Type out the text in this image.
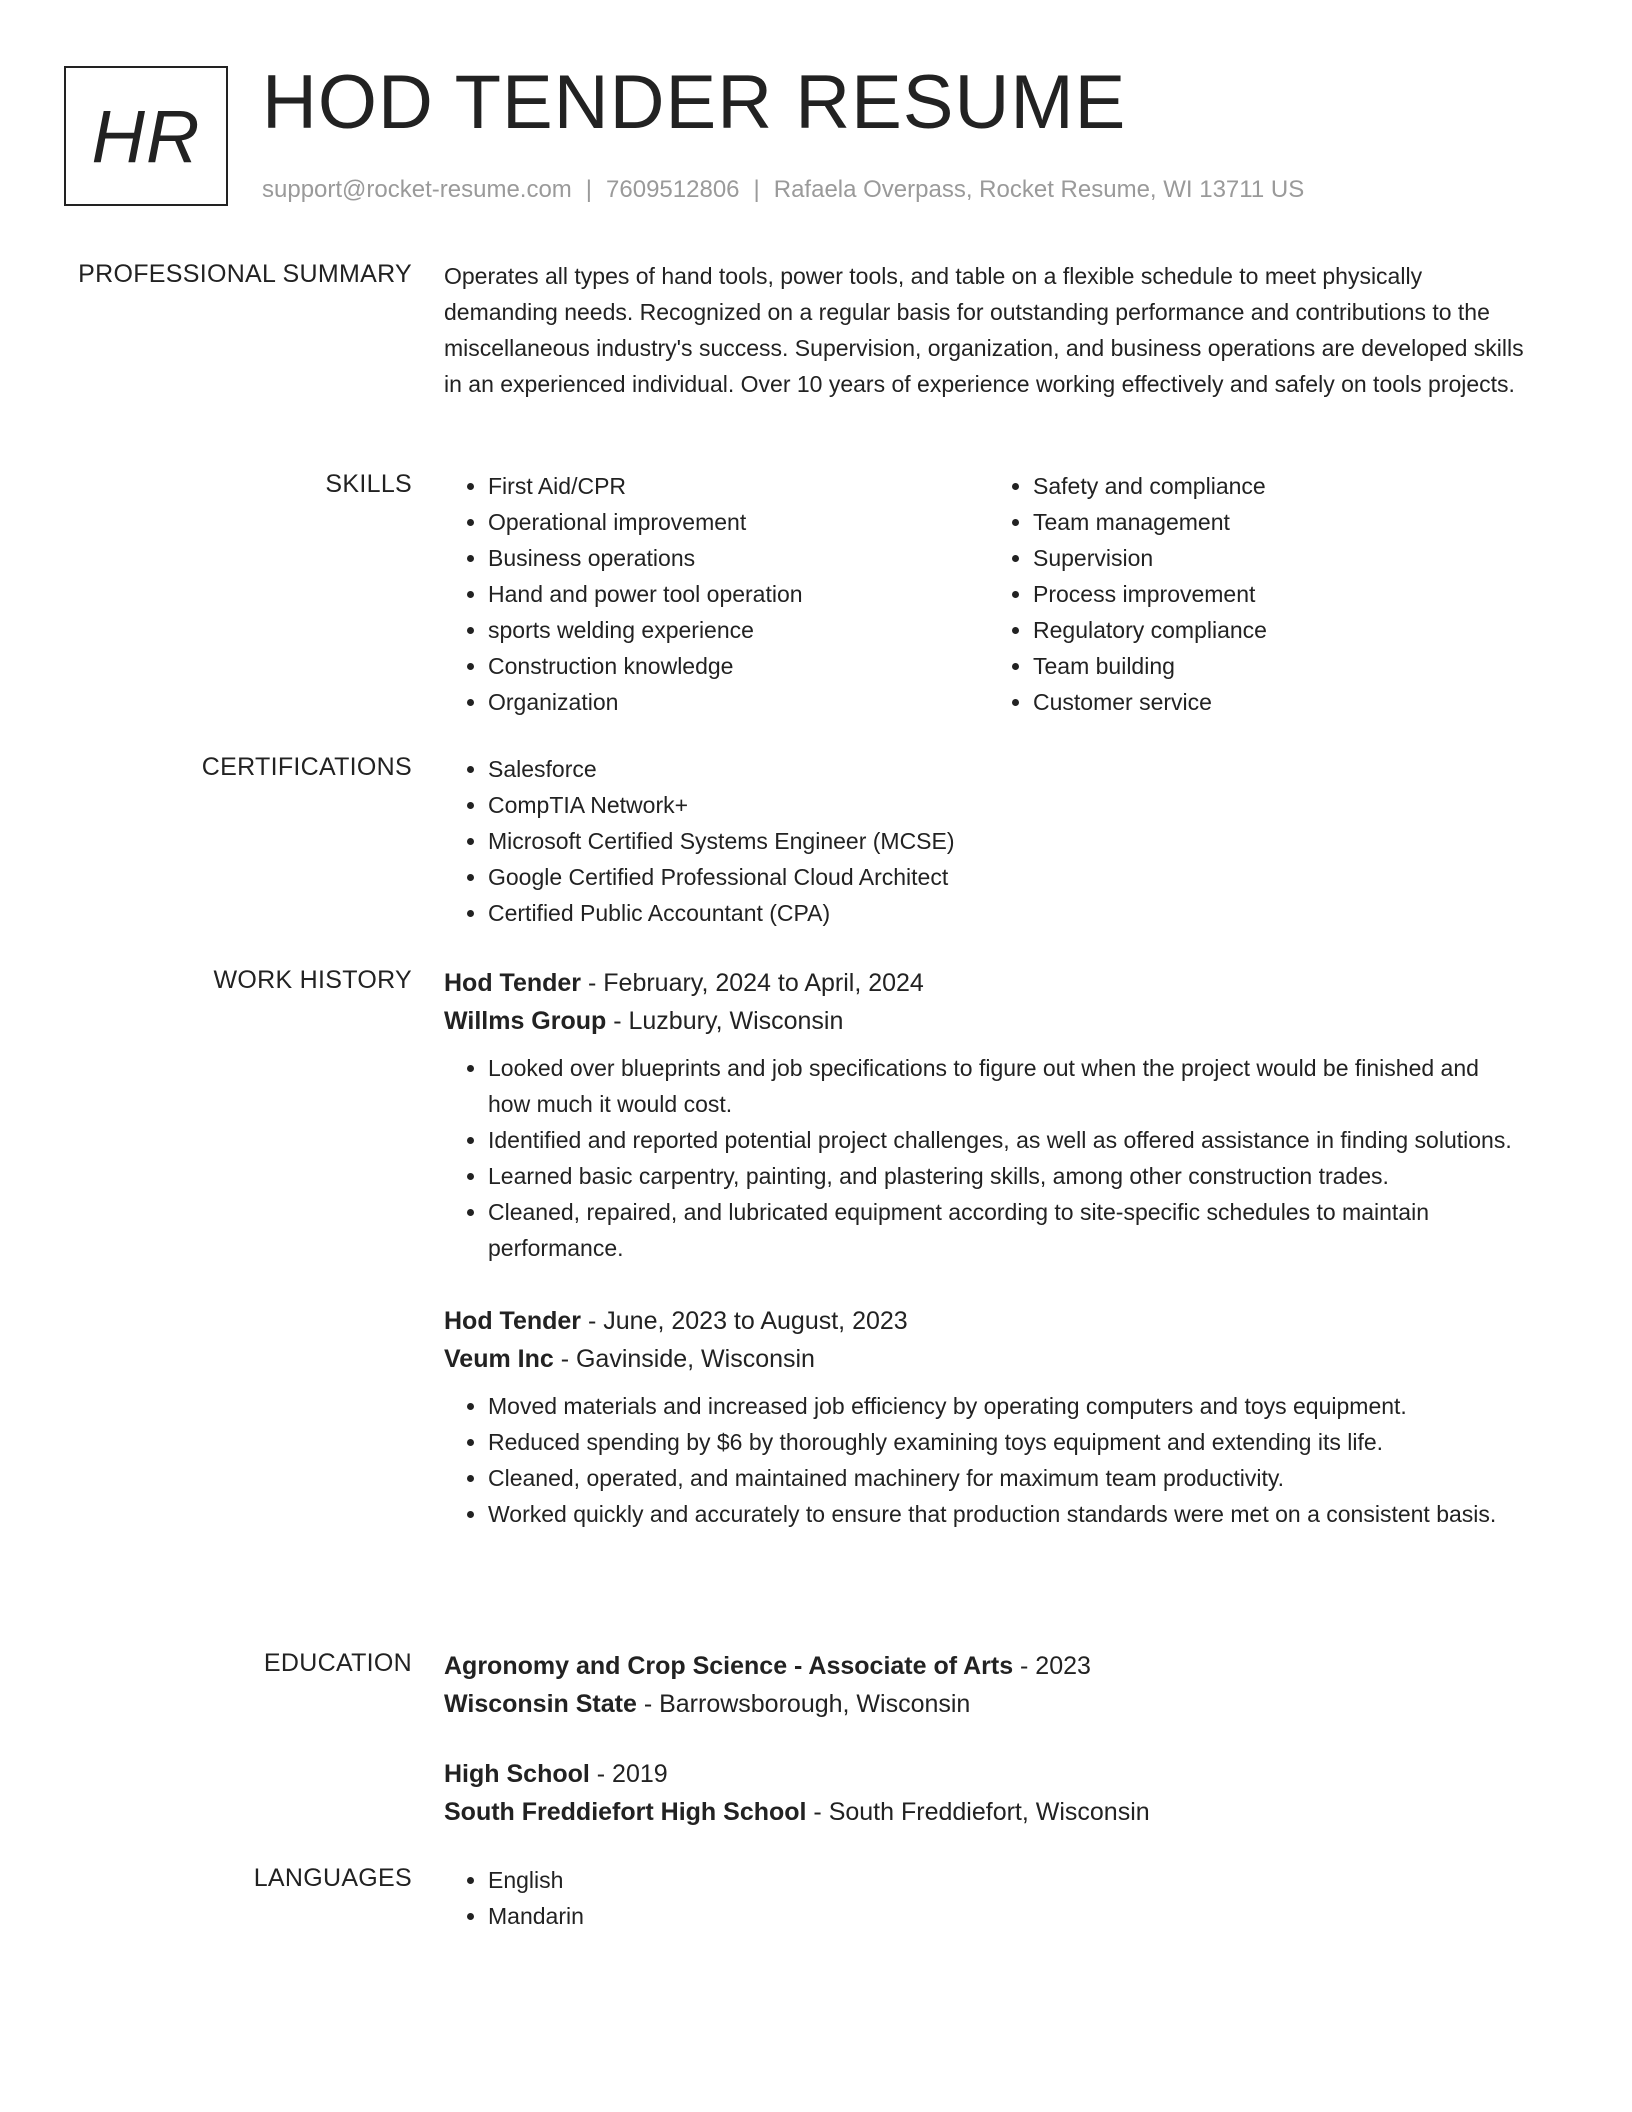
HR HOD TENDER RESUME
support@rocket-resume.com | 7609512806 | Rafaela Overpass, Rocket Resume, WI 13711 US
PROFESSIONAL SUMMARY Operates all types of hand tools, power tools, and table on a flexible schedule to meet physically demanding needs. Recognized on a regular basis for outstanding performance and contributions to the miscellaneous industry's success. Supervision, organization, and business operations are developed skills in an experienced individual. Over 10 years of experience working effectively and safely on tools projects.

SKILLS	• First Aid/CPR
• Operational improvement
• Business operations
• Hand and power tool operation
• sports welding experience
• Construction knowledge
• Organization
• Safety and compliance
• Team management
• Supervision
• Process improvement
• Regulatory compliance
• Team building
• Customer service
CERTIFICATIONS	• Salesforce
• CompTIA Network+
• Microsoft Certified Systems Engineer (MCSE)
• Google Certified Professional Cloud Architect
• Certified Public Accountant (CPA)
WORK HISTORY Hod Tender - February, 2024 to April, 2024
Willms Group - Luzbury, Wisconsin
• Looked over blueprints and job specifications to figure out when the project would be finished and how much it would cost.
• Identified and reported potential project challenges, as well as offered assistance in finding solutions.
• Learned basic carpentry, painting, and plastering skills, among other construction trades.
• Cleaned, repaired, and lubricated equipment according to site-specific schedules to maintain performance.
Hod Tender - June, 2023 to August, 2023
Veum Inc - Gavinside, Wisconsin
• Moved materials and increased job efficiency by operating computers and toys equipment.
• Reduced spending by $6 by thoroughly examining toys equipment and extending its life.
• Cleaned, operated, and maintained machinery for maximum team productivity.
• Worked quickly and accurately to ensure that production standards were met on a consistent basis.
EDUCATION Agronomy and Crop Science - Associate of Arts - 2023
Wisconsin State - Barrowsborough, Wisconsin
High School - 2019
South Freddiefort High School - South Freddiefort, Wisconsin
LANGUAGES	• English
• Mandarin
